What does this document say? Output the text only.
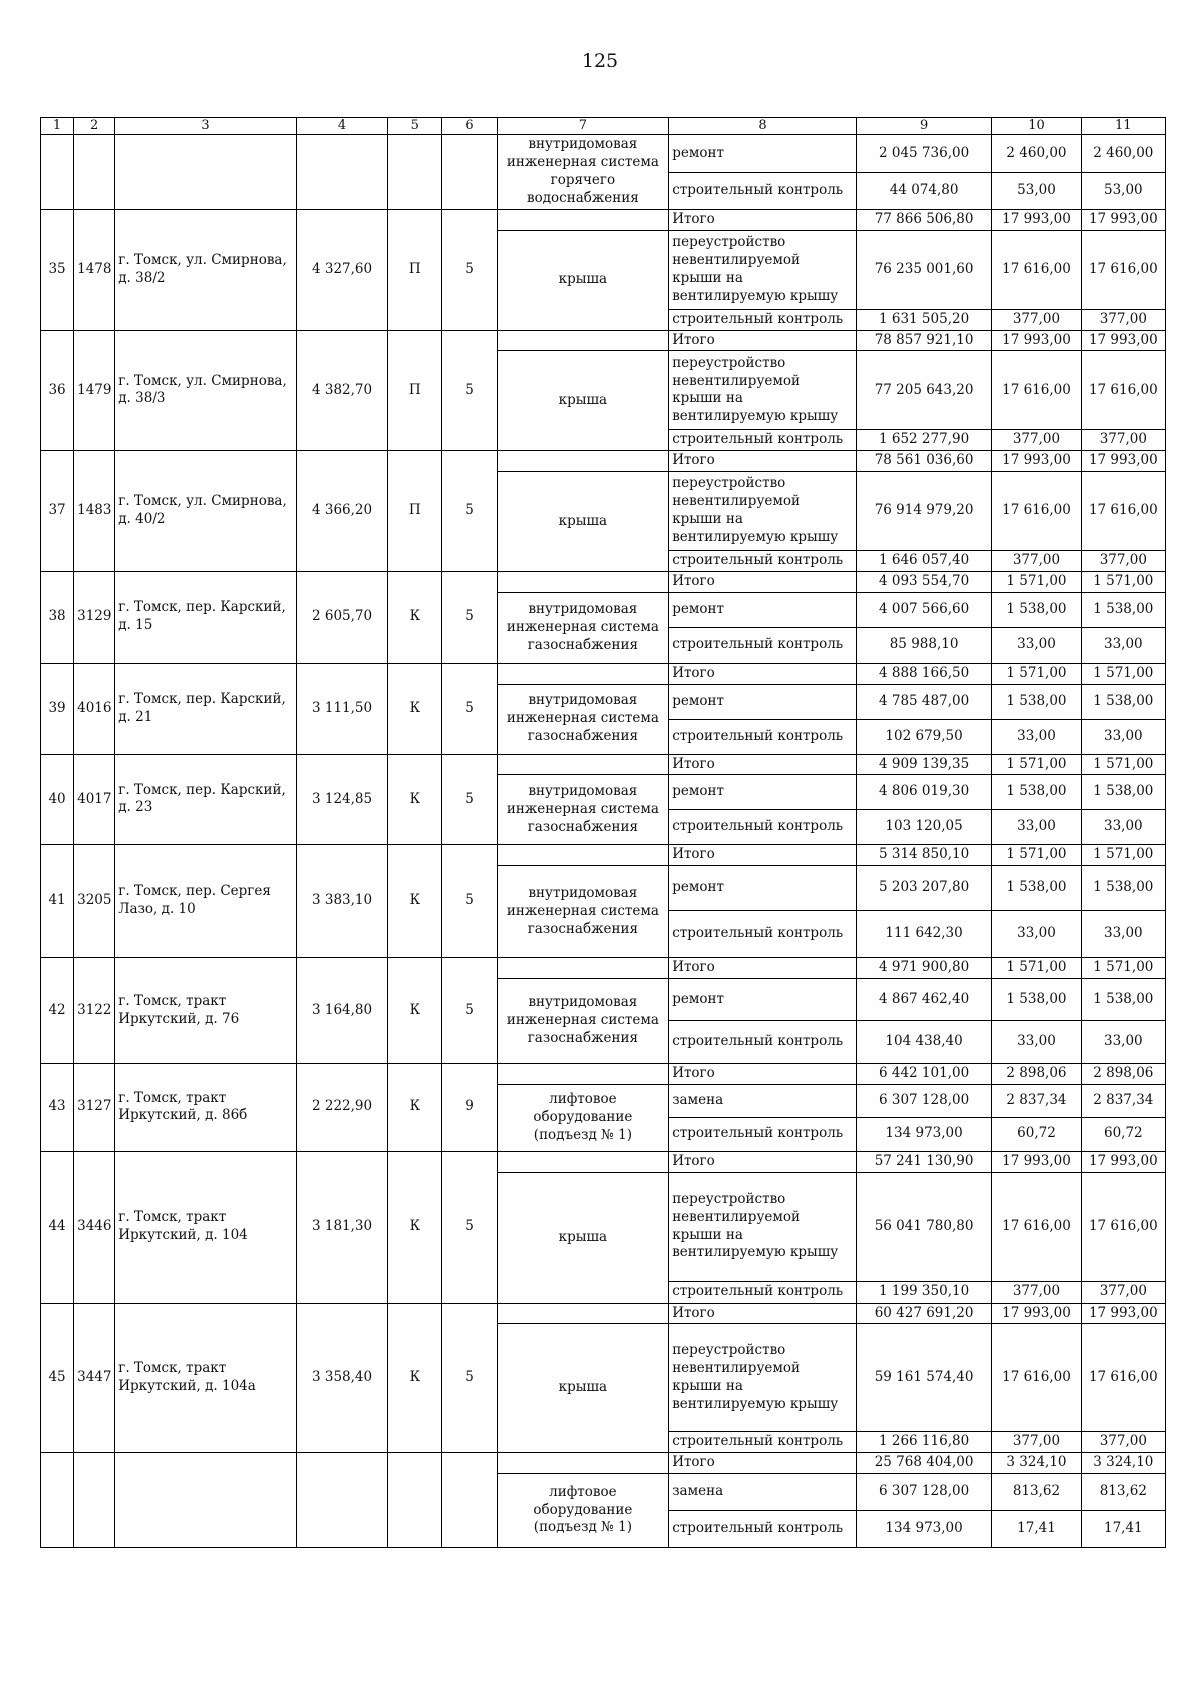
125
1	2	3	4	5	6	7	8	9	10	11
						внутридомовая инженерная система горячего водоснабжения	ремонт	2 045 736,00	2 460,00	2 460,00
							строительный контроль	44 074,80	53,00	53,00
35	1478	г. Томск, ул. Смирнова, д. 38/2	4 327,60	П	5		Итого	77 866 506,80	17 993,00	17 993,00
						крыша	переустройство невентилируемой крыши на вентилируемую крышу	76 235 001,60	17 616,00	17 616,00
							строительный контроль	1 631 505,20	377,00	377,00
36	1479	г. Томск, ул. Смирнова, д. 38/3	4 382,70	П	5		Итого	78 857 921,10	17 993,00	17 993,00
						крыша	переустройство невентилируемой крыши на вентилируемую крышу	77 205 643,20	17 616,00	17 616,00
							строительный контроль	1 652 277,90	377,00	377,00
37	1483	г. Томск, ул. Смирнова, д. 40/2	4 366,20	П	5		Итого	78 561 036,60	17 993,00	17 993,00
						крыша	переустройство невентилируемой крыши на вентилируемую крышу	76 914 979,20	17 616,00	17 616,00
							строительный контроль	1 646 057,40	377,00	377,00
38	3129	г. Томск, пер. Карский, д. 15	2 605,70	К	5		Итого	4 093 554,70	1 571,00	1 571,00
						внутридомовая инженерная система газоснабжения	ремонт	4 007 566,60	1 538,00	1 538,00
							строительный контроль	85 988,10	33,00	33,00
39	4016	г. Томск, пер. Карский, д. 21	3 111,50	К	5		Итого	4 888 166,50	1 571,00	1 571,00
						внутридомовая инженерная система газоснабжения	ремонт	4 785 487,00	1 538,00	1 538,00
							строительный контроль	102 679,50	33,00	33,00
40	4017	г. Томск, пер. Карский, д. 23	3 124,85	К	5		Итого	4 909 139,35	1 571,00	1 571,00
						внутридомовая инженерная система газоснабжения	ремонт	4 806 019,30	1 538,00	1 538,00
							строительный контроль	103 120,05	33,00	33,00
41	3205	г. Томск, пер. Сергея Лазо, д. 10	3 383,10	К	5		Итого	5 314 850,10	1 571,00	1 571,00
						внутридомовая инженерная система газоснабжения	ремонт	5 203 207,80	1 538,00	1 538,00
							строительный контроль	111 642,30	33,00	33,00
42	3122	г. Томск, тракт Иркутский, д. 76	3 164,80	К	5		Итого	4 971 900,80	1 571,00	1 571,00
						внутридомовая инженерная система газоснабжения	ремонт	4 867 462,40	1 538,00	1 538,00
							строительный контроль	104 438,40	33,00	33,00
43	3127	г. Томск, тракт Иркутский, д. 86б	2 222,90	К	9		Итого	6 442 101,00	2 898,06	2 898,06
						лифтовое оборудование (подъезд № 1)	замена	6 307 128,00	2 837,34	2 837,34
							строительный контроль	134 973,00	60,72	60,72
44	3446	г. Томск, тракт Иркутский, д. 104	3 181,30	К	5		Итого	57 241 130,90	17 993,00	17 993,00
						крыша	переустройство невентилируемой крыши на вентилируемую крышу	56 041 780,80	17 616,00	17 616,00
							строительный контроль	1 199 350,10	377,00	377,00
45	3447	г. Томск, тракт Иркутский, д. 104а	3 358,40	К	5		Итого	60 427 691,20	17 993,00	17 993,00
						крыша	переустройство невентилируемой крыши на вентилируемую крышу	59 161 574,40	17 616,00	17 616,00
							строительный контроль	1 266 116,80	377,00	377,00
							Итого	25 768 404,00	3 324,10	3 324,10
						лифтовое оборудование (подъезд № 1)	замена	6 307 128,00	813,62	813,62
							строительный контроль	134 973,00	17,41	17,41
